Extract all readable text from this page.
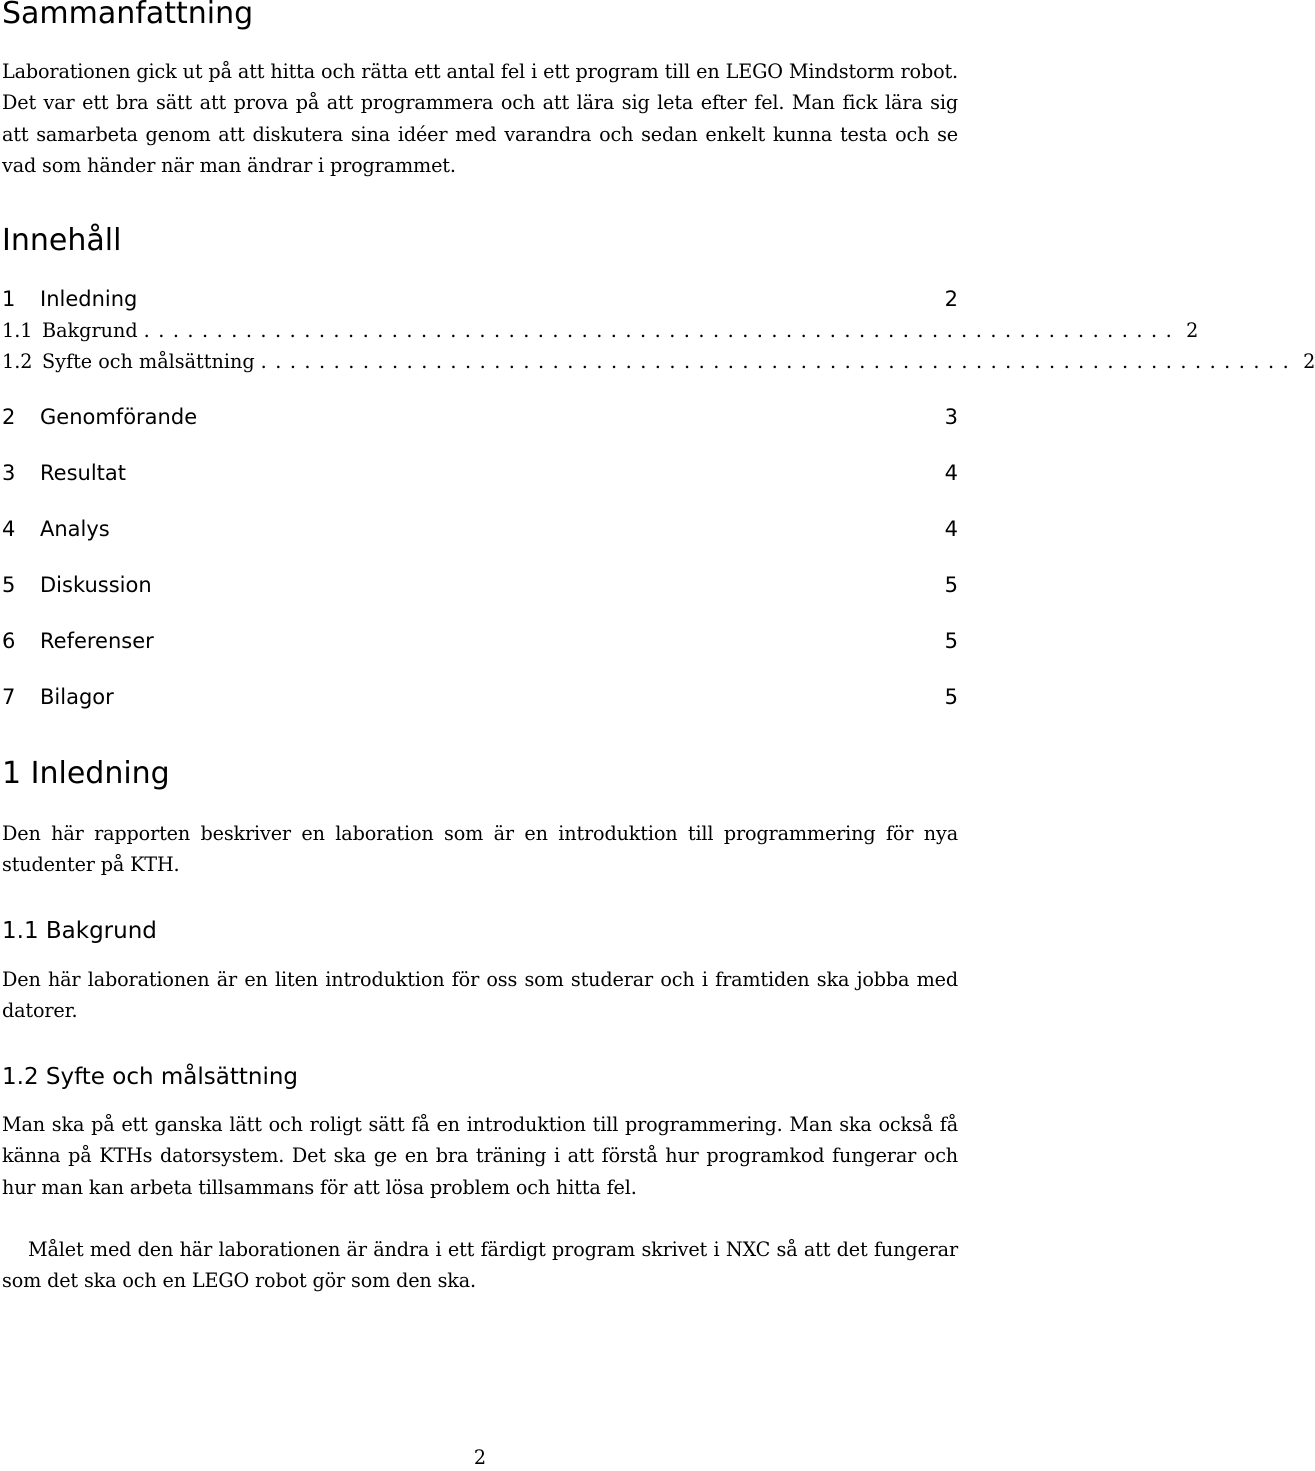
Sammanfattning

Laborationen gick ut på att hitta och rätta ett antal fel i ett program till en LEGO Mindstorm robot. Det var ett bra sätt att prova på att programmera och att lära sig leta efter fel. Man fick lära sig att samarbeta genom att diskutera sina idéer med varandra och sedan enkelt kunna testa och se vad som händer när man ändrar i programmet.

Innehåll
1 Inledning	2
1.1 Bakgrund ....................................................................... 2
1.2 Syfte och målsättning ....................................................................... 2
2 Genomförande	3
3 Resultat	4
4 Analys	4
5 Diskussion	5
6 Referenser	5
7 Bilagor	5
1 Inledning

Den här rapporten beskriver en laboration som är en introduktion till programmering för nya studenter på KTH.

1.1 Bakgrund

Den här laborationen är en liten introduktion för oss som studerar och i framtiden ska jobba med datorer.

1.2 Syfte och målsättning

Man ska på ett ganska lätt och roligt sätt få en introduktion till programmering. Man ska också få känna på KTHs datorsystem. Det ska ge en bra träning i att förstå hur programkod fungerar och hur man kan arbeta tillsammans för att lösa problem och hitta fel.

Målet med den här laborationen är ändra i ett färdigt program skrivet i NXC så att det fungerar som det ska och en LEGO robot gör som den ska.

2
